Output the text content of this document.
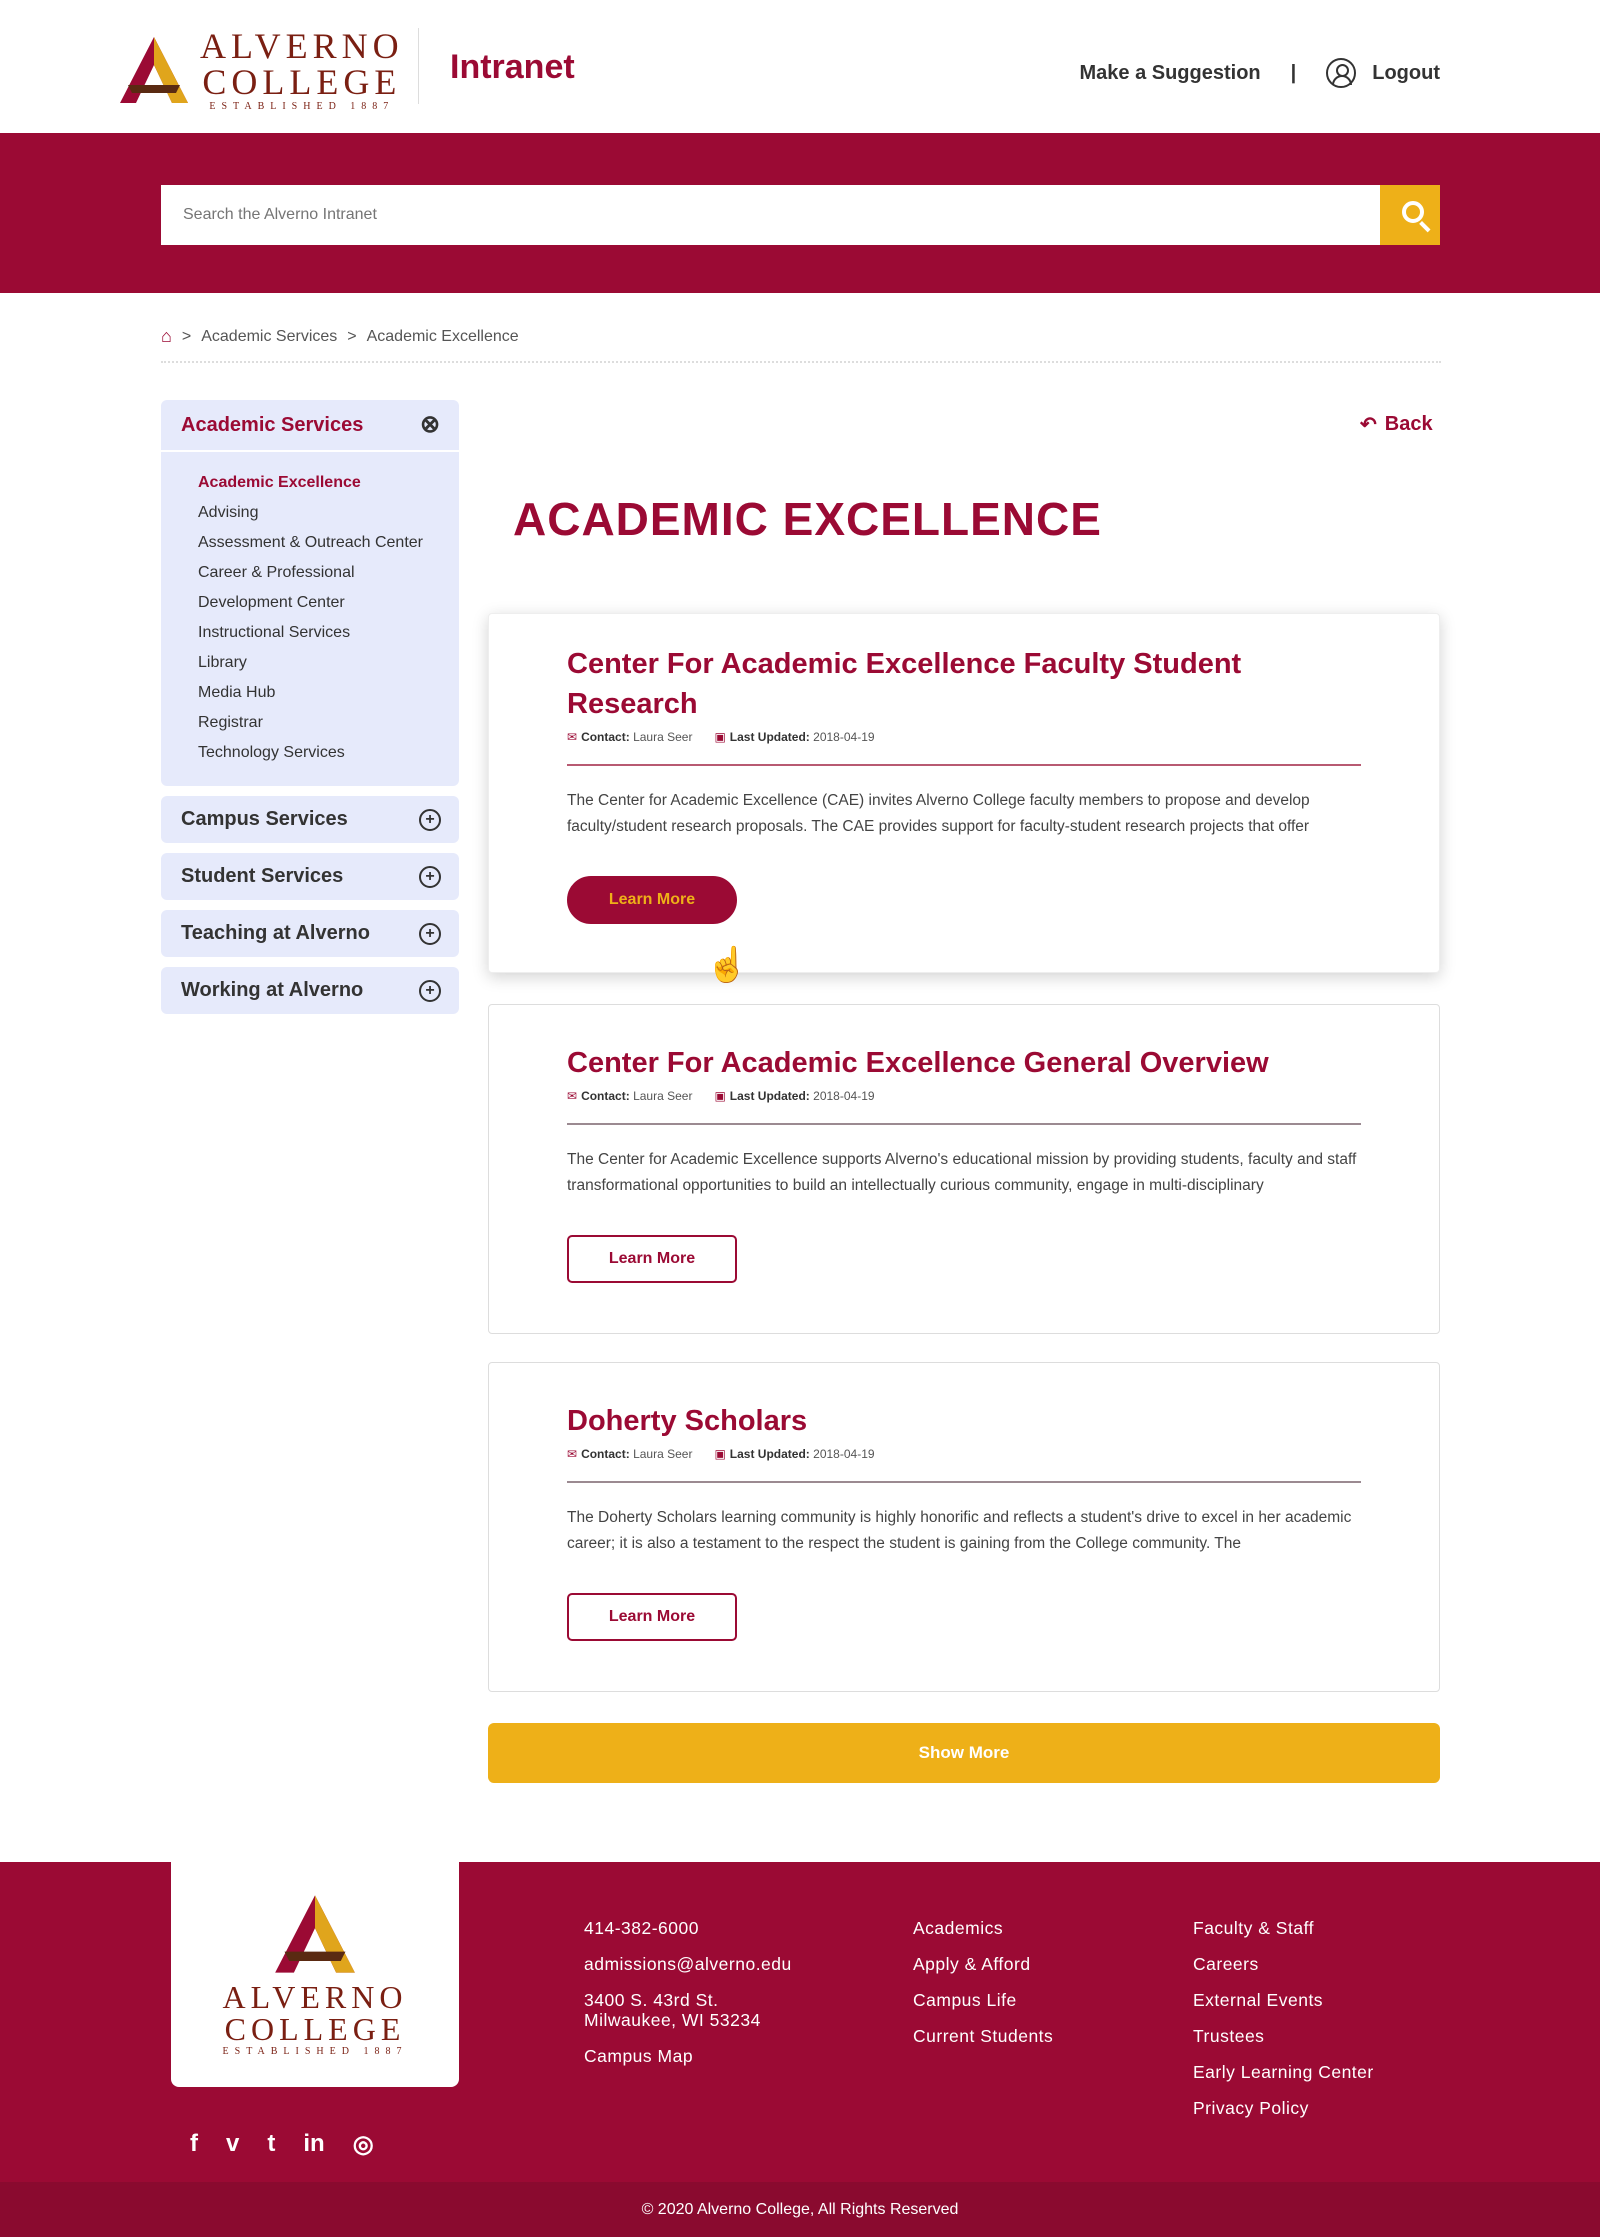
ALVERNO
COLLEGE
ESTABLISHED 1887
Intranet	Make a Suggestion |	Logout
Search the Alverno Intranet
⌂ > Academic Services > Academic Excellence
Academic Services ⊗
Academic Excellence
Advising
Assessment & Outreach Center
Career & Professional
Development Center
Instructional Services
Library
Media Hub
Registrar
Technology Services
Campus Services	+
Student Services	+
Teaching at Alverno	+
Working at Alverno	+
↶ Back
ACADEMIC EXCELLENCE
Center For Academic Excellence Faculty Student Research
✉ Contact: Laura Seer ▣ Last Updated: 2018-04-19

The Center for Academic Excellence (CAE) invites Alverno College faculty members to propose and develop faculty/student research proposals. The CAE provides support for faculty-student research projects that offer

Learn More
☝
Center For Academic Excellence General Overview
✉ Contact: Laura Seer ▣ Last Updated: 2018-04-19

The Center for Academic Excellence supports Alverno's educational mission by providing students, faculty and staff transformational opportunities to build an intellectually curious community, engage in multi-disciplinary

Learn More
Doherty Scholars
✉ Contact: Laura Seer ▣ Last Updated: 2018-04-19

The Doherty Scholars learning community is highly honorific and reflects a student's drive to excel in her academic career; it is also a testament to the respect the student is gaining from the College community. The

Learn More
Show More
ALVERNO
COLLEGE
ESTABLISHED 1887
f v t in ◎
414-382-6000
admissions@alverno.edu
3400 S. 43rd St.
Milwaukee, WI 53234
Campus Map
Academics
Apply & Afford
Campus Life
Current Students
Faculty & Staff
Careers
External Events
Trustees
Early Learning Center
Privacy Policy
© 2020 Alverno College, All Rights Reserved
